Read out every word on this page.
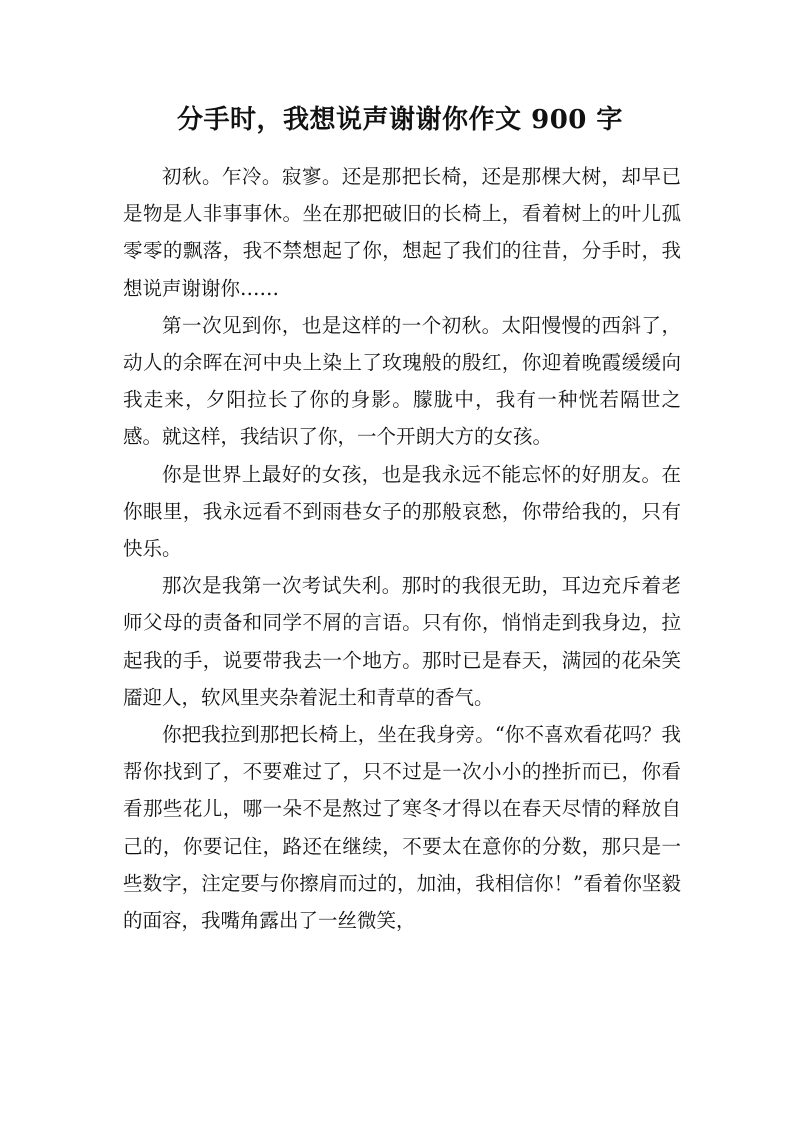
分手时，我想说声谢谢你作文 900 字

初秋。乍冷。寂寥。还是那把长椅，还是那棵大树，却早已是物是人非事事休。坐在那把破旧的长椅上，看着树上的叶儿孤零零的飘落，我不禁想起了你，想起了我们的往昔，分手时，我想说声谢谢你……

第一次见到你，也是这样的一个初秋。太阳慢慢的西斜了，动人的余晖在河中央上染上了玫瑰般的殷红，你迎着晚霞缓缓向我走来，夕阳拉长了你的身影。朦胧中，我有一种恍若隔世之感。就这样，我结识了你，一个开朗大方的女孩。

你是世界上最好的女孩，也是我永远不能忘怀的好朋友。在你眼里，我永远看不到雨巷女子的那般哀愁，你带给我的，只有快乐。

那次是我第一次考试失利。那时的我很无助，耳边充斥着老师父母的责备和同学不屑的言语。只有你，悄悄走到我身边，拉起我的手，说要带我去一个地方。那时已是春天，满园的花朵笑靥迎人，软风里夹杂着泥土和青草的香气。

你把我拉到那把长椅上，坐在我身旁。“你不喜欢看花吗？我帮你找到了，不要难过了，只不过是一次小小的挫折而已，你看看那些花儿，哪一朵不是熬过了寒冬才得以在春天尽情的释放自己的，你要记住，路还在继续，不要太在意你的分数，那只是一些数字，注定要与你擦肩而过的，加油，我相信你！”看着你坚毅的面容，我嘴角露出了一丝微笑，
